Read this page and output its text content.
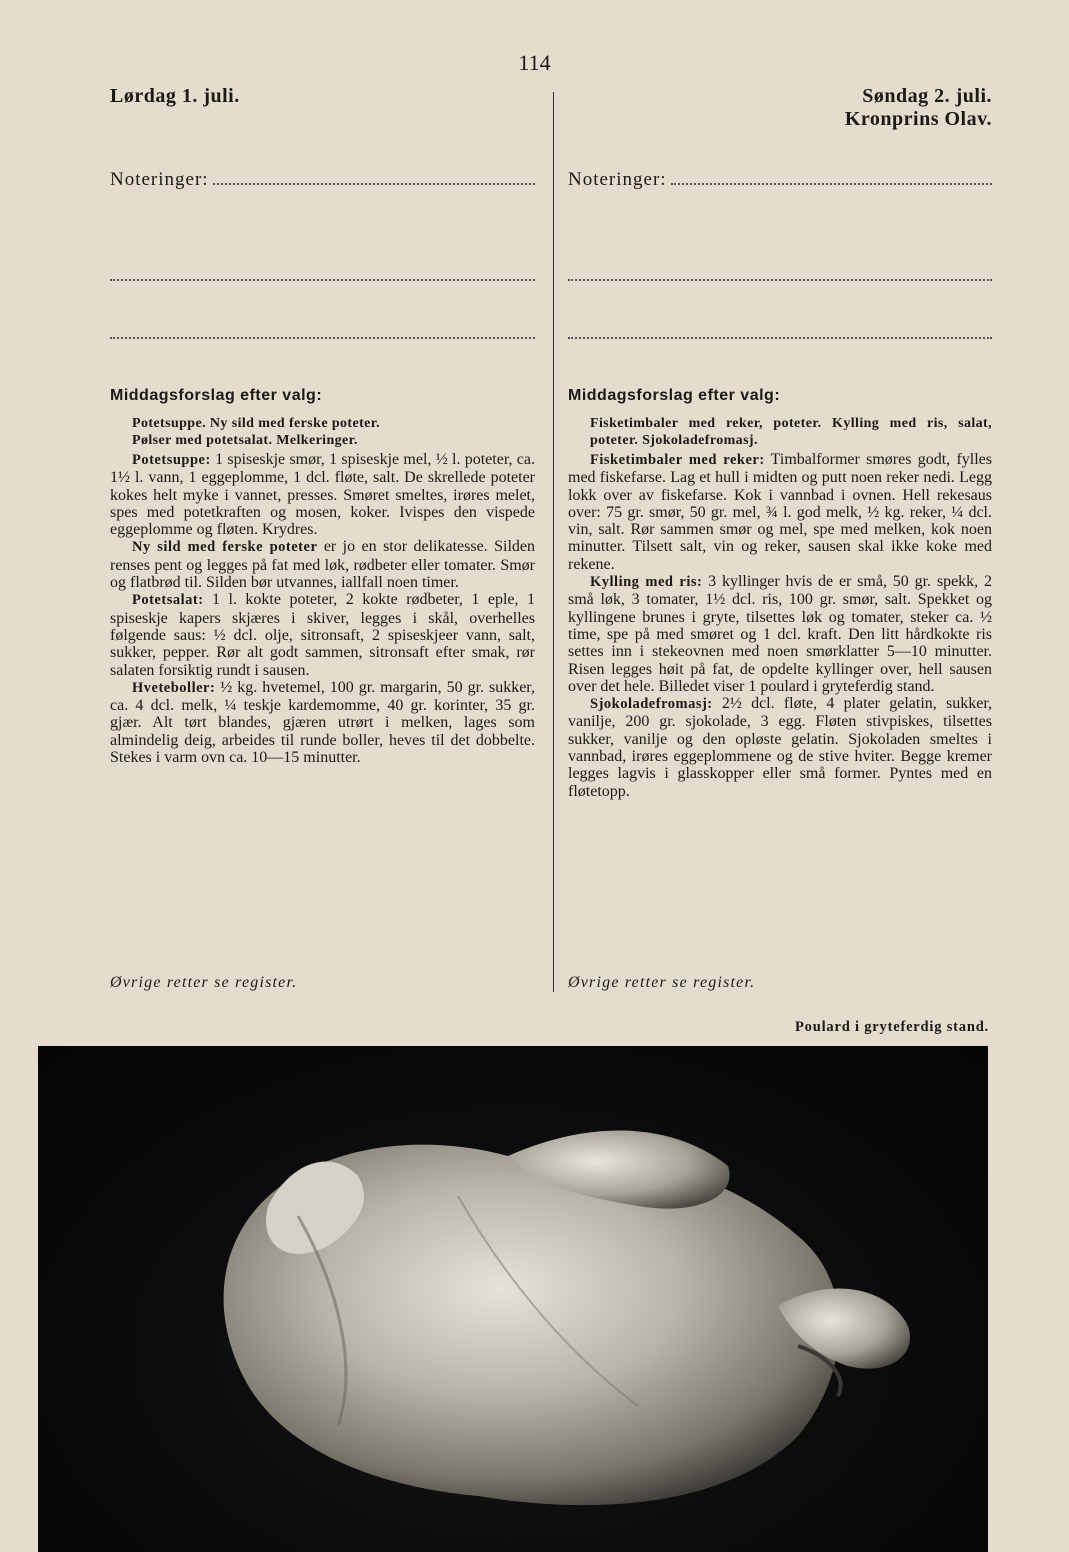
114
Lørdag 1. juli.
Noteringer:
Middagsforslag efter valg:
Potetsuppe. Ny sild med ferske poteter.
Pølser med potetsalat. Melkeringer.

Potetsuppe: 1 spiseskje smør, 1 spiseskje mel, ½ l. poteter, ca. 1½ l. vann, 1 eggeplomme, 1 dcl. fløte, salt. De skrellede poteter kokes helt myke i vannet, presses. Smøret smeltes, irøres melet, spes med potetkraften og mosen, koker. Ivispes den vispede eggeplomme og fløten. Krydres.

Ny sild med ferske poteter er jo en stor delikatesse. Silden renses pent og legges på fat med løk, rødbeter eller tomater. Smør og flatbrød til. Silden bør utvannes, iallfall noen timer.

Potetsalat: 1 l. kokte poteter, 2 kokte rødbeter, 1 eple, 1 spiseskje kapers skjæres i skiver, legges i skål, overhelles følgende saus: ½ dcl. olje, sitronsaft, 2 spiseskjeer vann, salt, sukker, pepper. Rør alt godt sammen, sitronsaft efter smak, rør salaten forsiktig rundt i sausen.

Hveteboller: ½ kg. hvetemel, 100 gr. margarin, 50 gr. sukker, ca. 4 dcl. melk, ¼ teskje kardemomme, 40 gr. korinter, 35 gr. gjær. Alt tørt blandes, gjæren utrørt i melken, lages som almindelig deig, arbeides til runde boller, heves til det dobbelte. Stekes i varm ovn ca. 10—15 minutter.

Øvrige retter se register.
Søndag 2. juli.
Kronprins Olav.
Noteringer:
Middagsforslag efter valg:
Fisketimbaler med reker, poteter. Kylling med ris, salat, poteter. Sjokoladefromasj.

Fisketimbaler med reker: Timbalformer smøres godt, fylles med fiskefarse. Lag et hull i midten og putt noen reker nedi. Legg lokk over av fiskefarse. Kok i vannbad i ovnen. Hell rekesaus over: 75 gr. smør, 50 gr. mel, ¾ l. god melk, ½ kg. reker, ¼ dcl. vin, salt. Rør sammen smør og mel, spe med melken, kok noen minutter. Tilsett salt, vin og reker, sausen skal ikke koke med rekene.

Kylling med ris: 3 kyllinger hvis de er små, 50 gr. spekk, 2 små løk, 3 tomater, 1½ dcl. ris, 100 gr. smør, salt. Spekket og kyllingene brunes i gryte, tilsettes løk og tomater, steker ca. ½ time, spe på med smøret og 1 dcl. kraft. Den litt hårdkokte ris settes inn i stekeovnen med noen smørklatter 5—10 minutter. Risen legges høit på fat, de opdelte kyllinger over, hell sausen over det hele. Billedet viser 1 poulard i gryteferdig stand.

Sjokoladefromasj: 2½ dcl. fløte, 4 plater gelatin, sukker, vanilje, 200 gr. sjokolade, 3 egg. Fløten stivpiskes, tilsettes sukker, vanilje og den opløste gelatin. Sjokoladen smeltes i vannbad, irøres eggeplommene og de stive hviter. Begge kremer legges lagvis i glasskopper eller små former. Pyntes med en fløtetopp.

Øvrige retter se register.
Poulard i gryteferdig stand.
